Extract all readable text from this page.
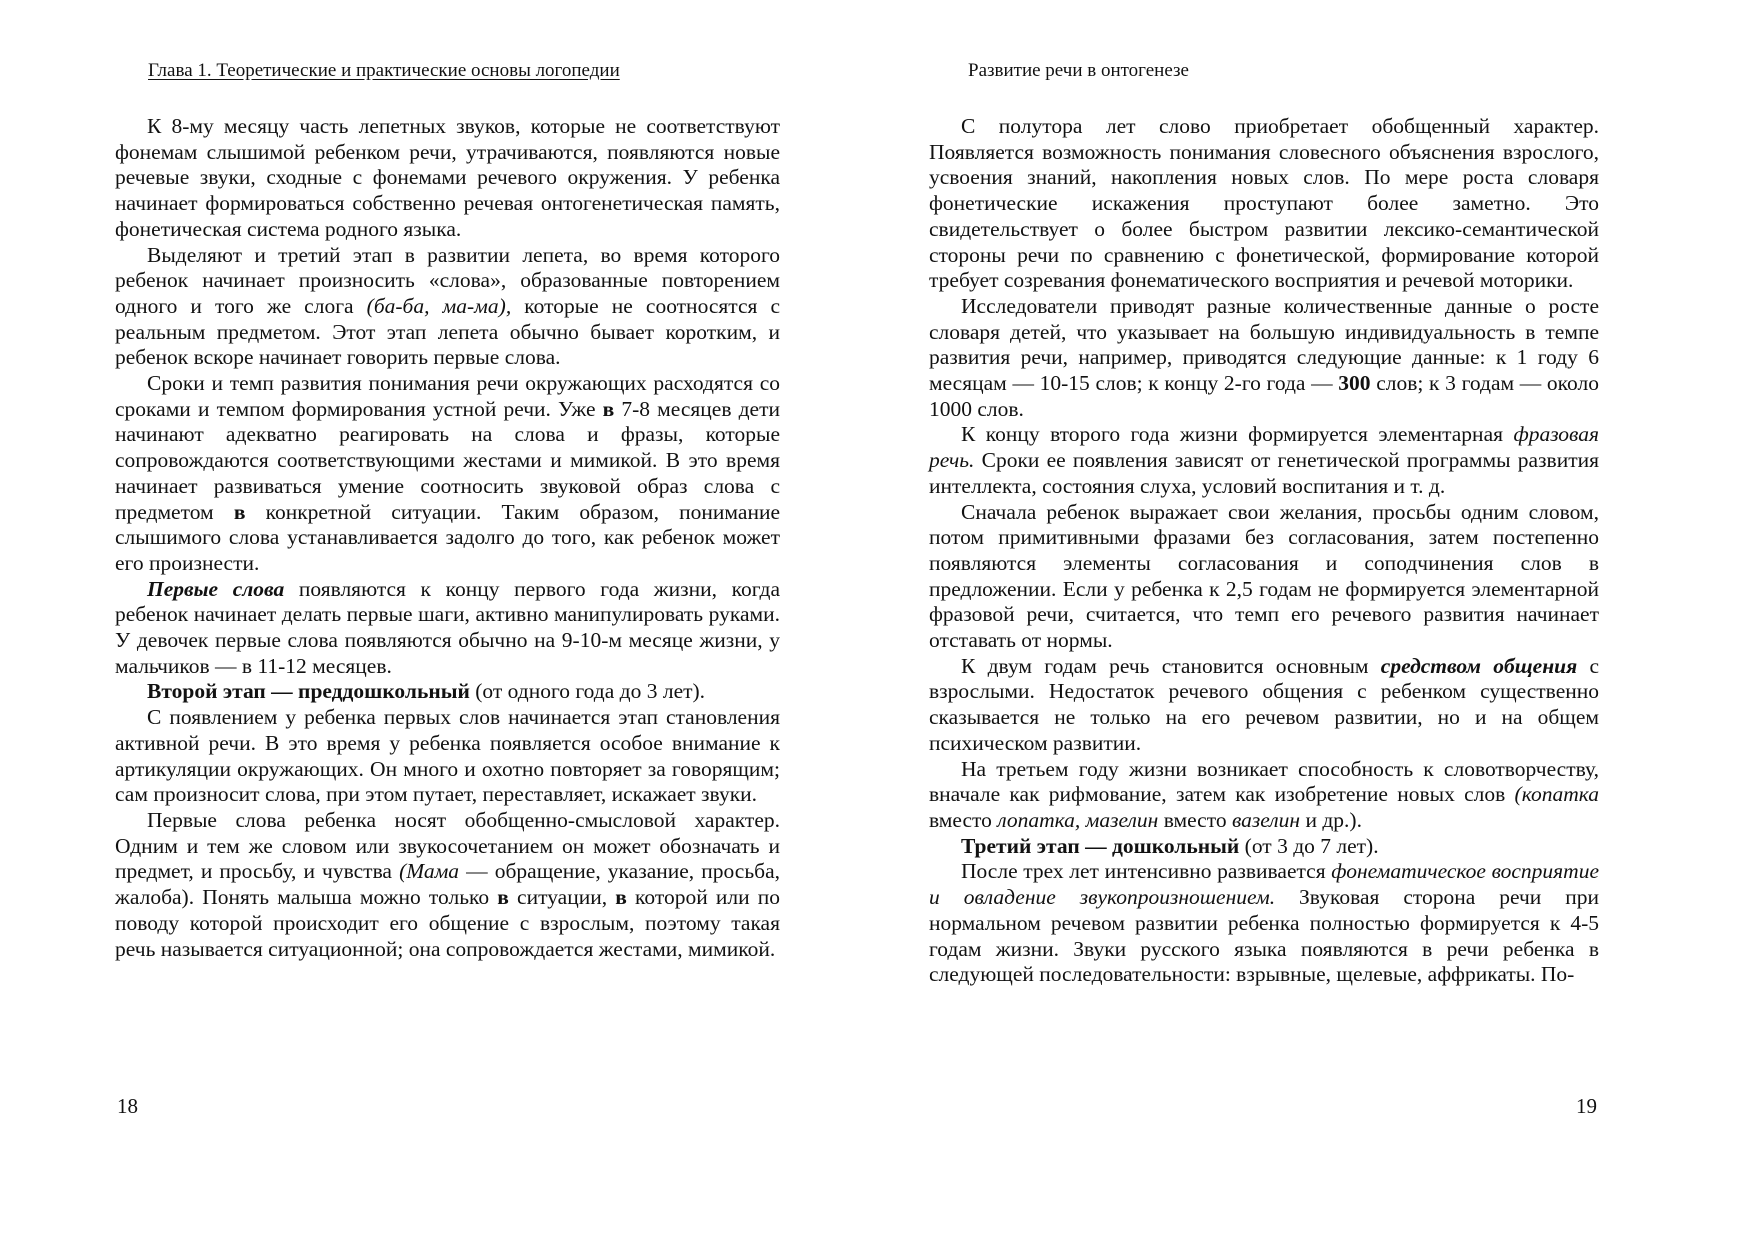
Глава 1. Теоретические и практические основы логопедии

К 8-му месяцу часть лепетных звуков, которые не соответствуют фонемам слышимой ребенком речи, утрачиваются, появляются новые речевые звуки, сходные с фонемами речевого окружения. У ребенка начинает формироваться собственно речевая онтогенетическая память, фонетическая система родного языка.

Выделяют и третий этап в развитии лепета, во время которого ребенок начинает произносить «слова», образованные повторением одного и того же слога (ба-ба, ма-ма), которые не соотносятся с реальным предметом. Этот этап лепета обычно бывает коротким, и ребенок вскоре начинает говорить первые слова.

Сроки и темп развития понимания речи окружающих расходятся со сроками и темпом формирования устной речи. Уже в 7-8 месяцев дети начинают адекватно реагировать на слова и фразы, которые сопровождаются соответствующими жестами и мимикой. В это время начинает развиваться умение соотносить звуковой образ слова с предметом в конкретной ситуации. Таким образом, понимание слышимого слова устанавливается задолго до того, как ребенок может его произнести.

Первые слова появляются к концу первого года жизни, когда ребенок начинает делать первые шаги, активно манипулировать руками. У девочек первые слова появляются обычно на 9-10-м месяце жизни, у мальчиков — в 11-12 месяцев.

Второй этап — преддошкольный (от одного года до 3 лет).

С появлением у ребенка первых слов начинается этап становления активной речи. В это время у ребенка появляется особое внимание к артикуляции окружающих. Он много и охотно повторяет за говорящим; сам произносит слова, при этом путает, переставляет, искажает звуки.

Первые слова ребенка носят обобщенно-смысловой характер. Одним и тем же словом или звукосочетанием он может обозначать и предмет, и просьбу, и чувства (Мама — обращение, указание, просьба, жалоба). Понять малыша можно только в ситуации, в которой или по поводу которой происходит его общение с взрослым, поэтому такая речь называется ситуационной; она сопровождается жестами, мимикой.

18
Развитие речи в онтогенезе

С полутора лет слово приобретает обобщенный характер. Появляется возможность понимания словесного объяснения взрослого, усвоения знаний, накопления новых слов. По мере роста словаря фонетические искажения проступают более заметно. Это свидетельствует о более быстром развитии лексико-семантической стороны речи по сравнению с фонетической, формирование которой требует созревания фонематического восприятия и речевой моторики.

Исследователи приводят разные количественные данные о росте словаря детей, что указывает на большую индивидуальность в темпе развития речи, например, приводятся следующие данные: к 1 году 6 месяцам — 10-15 слов; к концу 2-го года — 300 слов; к 3 годам — около 1000 слов.

К концу второго года жизни формируется элементарная фразовая речь. Сроки ее появления зависят от генетической программы развития интеллекта, состояния слуха, условий воспитания и т. д.

Сначала ребенок выражает свои желания, просьбы одним словом, потом примитивными фразами без согласования, затем постепенно появляются элементы согласования и соподчинения слов в предложении. Если у ребенка к 2,5 годам не формируется элементарной фразовой речи, считается, что темп его речевого развития начинает отставать от нормы.

К двум годам речь становится основным средством общения с взрослыми. Недостаток речевого общения с ребенком существенно сказывается не только на его речевом развитии, но и на общем психическом развитии.

На третьем году жизни возникает способность к словотворчеству, вначале как рифмование, затем как изобретение новых слов (копатка вместо лопатка, мазелин вместо вазелин и др.).

Третий этап — дошкольный (от 3 до 7 лет).

После трех лет интенсивно развивается фонематическое восприятие и овладение звукопроизношением. Звуковая сторона речи при нормальном речевом развитии ребенка полностью формируется к 4-5 годам жизни. Звуки русского языка появляются в речи ребенка в следующей последовательности: взрывные, щелевые, аффрикаты. По-

19
